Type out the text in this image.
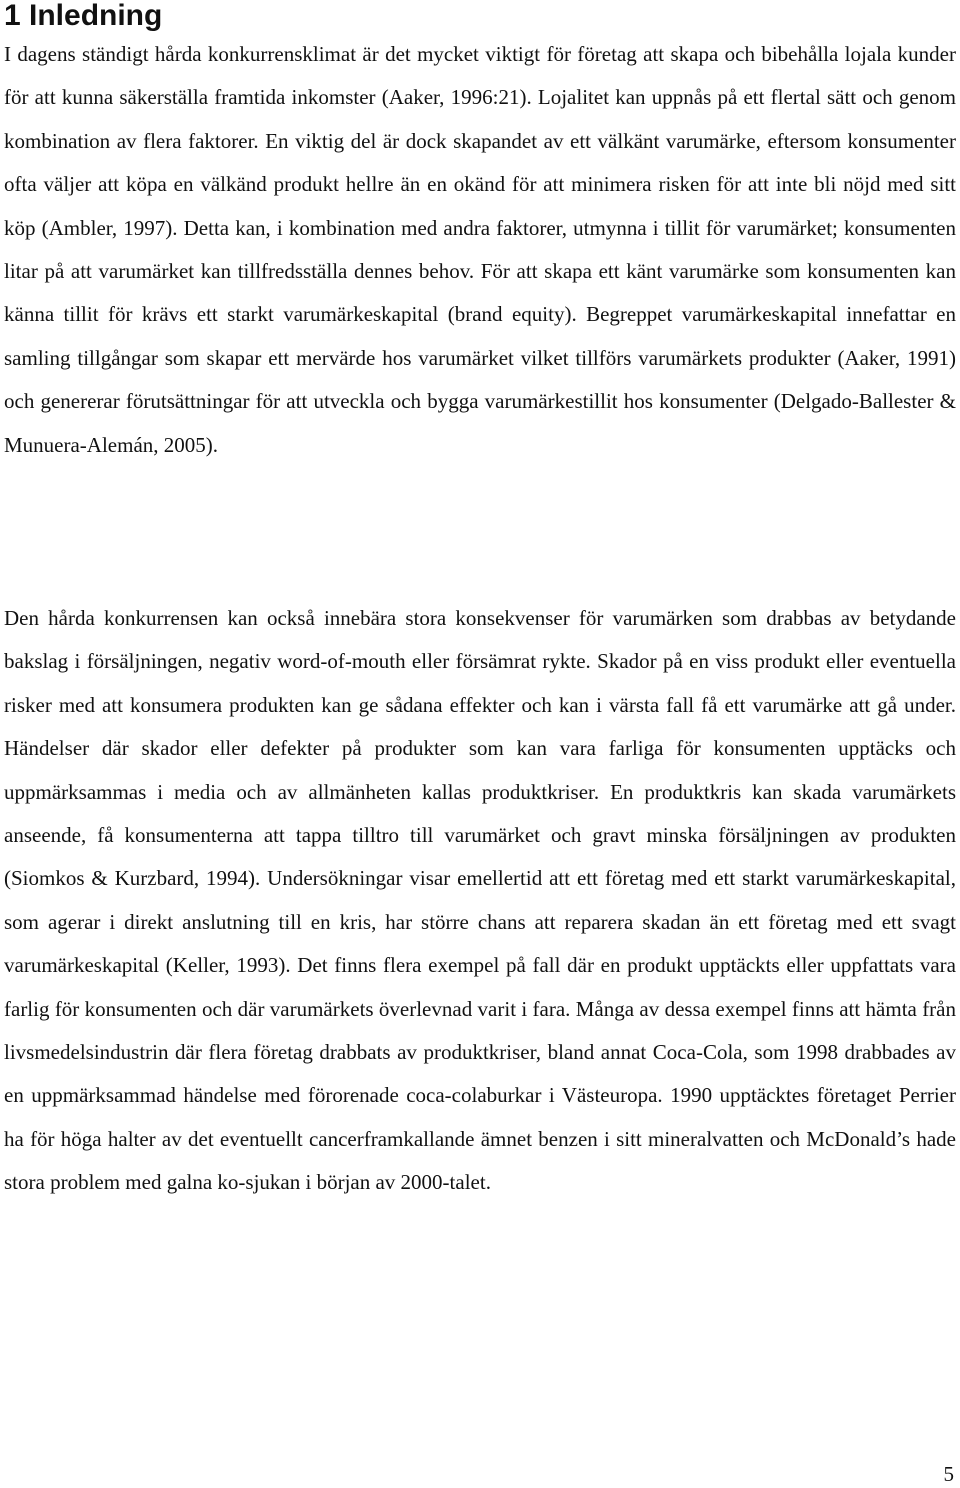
1 Inledning

I dagens ständigt hårda konkurrensklimat är det mycket viktigt för företag att skapa och bibehålla lojala kunder för att kunna säkerställa framtida inkomster (Aaker, 1996:21). Lojalitet kan uppnås på ett flertal sätt och genom kombination av flera faktorer. En viktig del är dock skapandet av ett välkänt varumärke, eftersom konsumenter ofta väljer att köpa en välkänd produkt hellre än en okänd för att minimera risken för att inte bli nöjd med sitt köp (Ambler, 1997). Detta kan, i kombination med andra faktorer, utmynna i tillit för varumärket; konsumenten litar på att varumärket kan tillfredsställa dennes behov. För att skapa ett känt varumärke som konsumenten kan känna tillit för krävs ett starkt varumärkeskapital (brand equity). Begreppet varumärkeskapital innefattar en samling tillgångar som skapar ett mervärde hos varumärket vilket tillförs varumärkets produkter (Aaker, 1991) och genererar förutsättningar för att utveckla och bygga varumärkestillit hos konsumenter (Delgado-Ballester & Munuera-Alemán, 2005).

Den hårda konkurrensen kan också innebära stora konsekvenser för varumärken som drabbas av betydande bakslag i försäljningen, negativ word-of-mouth eller försämrat rykte. Skador på en viss produkt eller eventuella risker med att konsumera produkten kan ge sådana effekter och kan i värsta fall få ett varumärke att gå under. Händelser där skador eller defekter på produkter som kan vara farliga för konsumenten upptäcks och uppmärksammas i media och av allmänheten kallas produktkriser. En produktkris kan skada varumärkets anseende, få konsumenterna att tappa tilltro till varumärket och gravt minska försäljningen av produkten (Siomkos & Kurzbard, 1994). Undersökningar visar emellertid att ett företag med ett starkt varumärkeskapital, som agerar i direkt anslutning till en kris, har större chans att reparera skadan än ett företag med ett svagt varumärkeskapital (Keller, 1993). Det finns flera exempel på fall där en produkt upptäckts eller uppfattats vara farlig för konsumenten och där varumärkets överlevnad varit i fara. Många av dessa exempel finns att hämta från livsmedelsindustrin där flera företag drabbats av produktkriser, bland annat Coca-Cola, som 1998 drabbades av en uppmärksammad händelse med förorenade coca-colaburkar i Västeuropa. 1990 upptäcktes företaget Perrier ha för höga halter av det eventuellt cancerframkallande ämnet benzen i sitt mineralvatten och McDonald’s hade stora problem med galna ko-sjukan i början av 2000-talet.

5
